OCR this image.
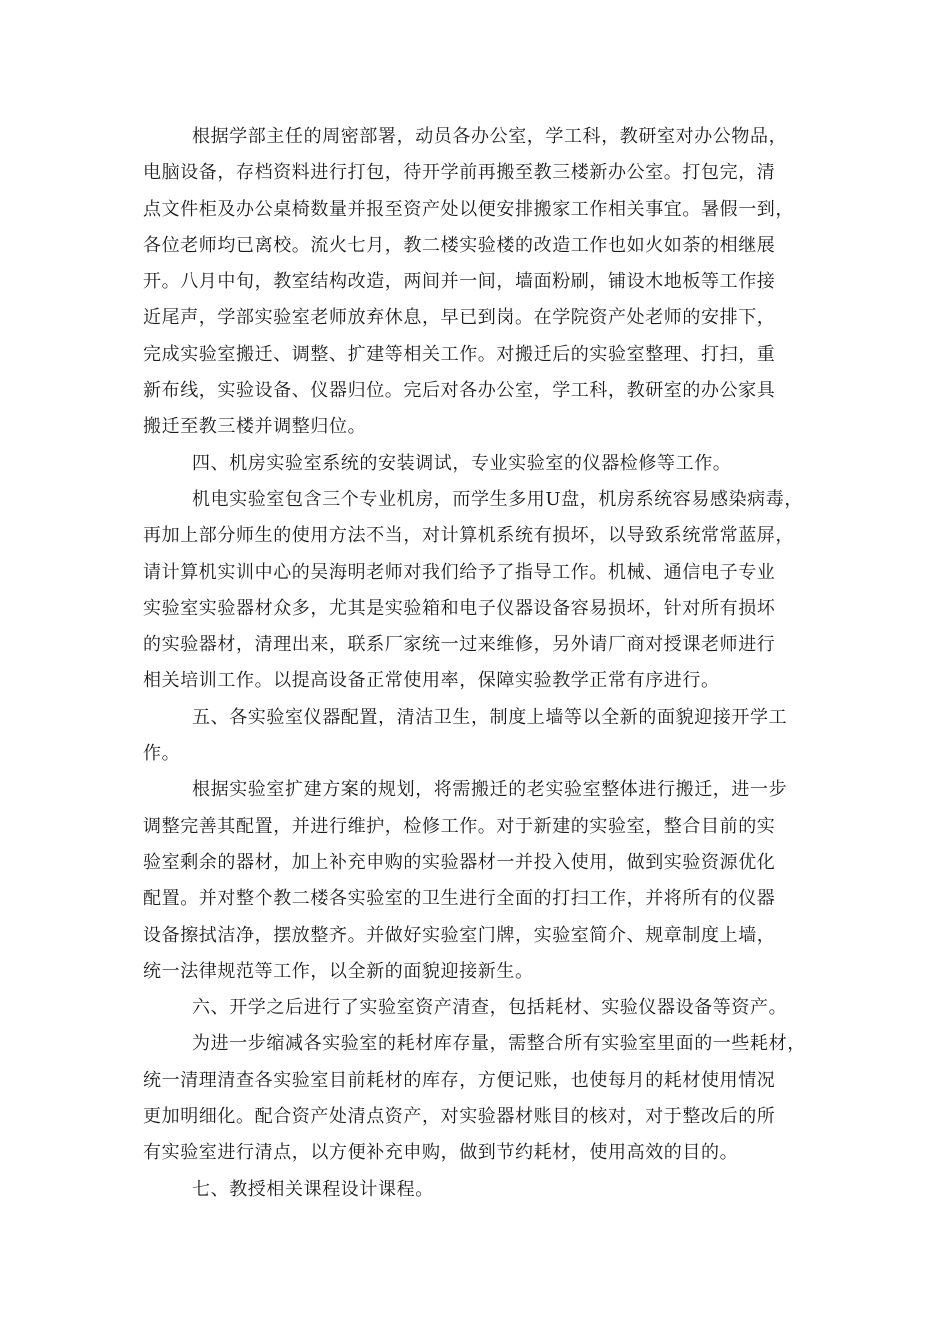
根据学部主任的周密部署，动员各办公室，学工科，教研室对办公物品，
电脑设备，存档资料进行打包，待开学前再搬至教三楼新办公室。打包完，清
点文件柜及办公桌椅数量并报至资产处以便安排搬家工作相关事宜。暑假一到，
各位老师均已离校。流火七月，教二楼实验楼的改造工作也如火如荼的相继展
开。八月中旬，教室结构改造，两间并一间，墙面粉刷，铺设木地板等工作接
近尾声，学部实验室老师放弃休息，早已到岗。在学院资产处老师的安排下，
完成实验室搬迁、调整、扩建等相关工作。对搬迁后的实验室整理、打扫，重
新布线，实验设备、仪器归位。完后对各办公室，学工科，教研室的办公家具
搬迁至教三楼并调整归位。
四、机房实验室系统的安装调试，专业实验室的仪器检修等工作。
机电实验室包含三个专业机房，而学生多用U盘，机房系统容易感染病毒，
再加上部分师生的使用方法不当，对计算机系统有损坏，以导致系统常常蓝屏，
请计算机实训中心的吴海明老师对我们给予了指导工作。机械、通信电子专业
实验室实验器材众多，尤其是实验箱和电子仪器设备容易损坏，针对所有损坏
的实验器材，清理出来，联系厂家统一过来维修，另外请厂商对授课老师进行
相关培训工作。以提高设备正常使用率，保障实验教学正常有序进行。
五、各实验室仪器配置，清洁卫生，制度上墙等以全新的面貌迎接开学工
作。
根据实验室扩建方案的规划，将需搬迁的老实验室整体进行搬迁，进一步
调整完善其配置，并进行维护，检修工作。对于新建的实验室，整合目前的实
验室剩余的器材，加上补充申购的实验器材一并投入使用，做到实验资源优化
配置。并对整个教二楼各实验室的卫生进行全面的打扫工作，并将所有的仪器
设备擦拭洁净，摆放整齐。并做好实验室门牌，实验室简介、规章制度上墙，
统一法律规范等工作，以全新的面貌迎接新生。
六、开学之后进行了实验室资产清查，包括耗材、实验仪器设备等资产。
为进一步缩减各实验室的耗材库存量，需整合所有实验室里面的一些耗材，
统一清理清查各实验室目前耗材的库存，方便记账，也使每月的耗材使用情况
更加明细化。配合资产处清点资产，对实验器材账目的核对，对于整改后的所
有实验室进行清点，以方便补充申购，做到节约耗材，使用高效的目的。
七、教授相关课程设计课程。
